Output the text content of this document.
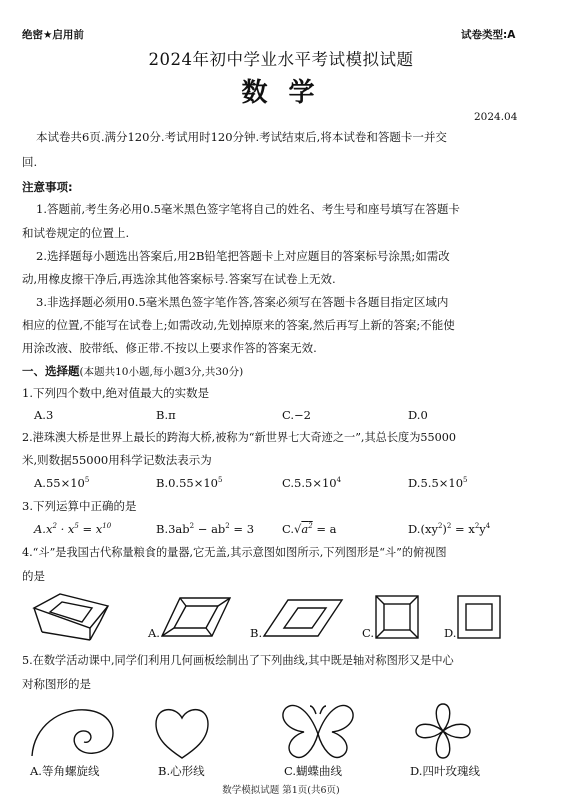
绝密★启用前	试卷类型:A
2024年初中学业水平考试模拟试题
数 学
2024.04
本试卷共6页.满分120分.考试用时120分钟.考试结束后,将本试卷和答题卡一并交
回.
注意事项:
1.答题前,考生务必用0.5毫米黑色签字笔将自己的姓名、考生号和座号填写在答题卡
和试卷规定的位置上.
2.选择题每小题选出答案后,用2B铅笔把答题卡上对应题目的答案标号涂黑;如需改
动,用橡皮擦干净后,再选涂其他答案标号.答案写在试卷上无效.
3.非选择题必须用0.5毫米黑色签字笔作答,答案必须写在答题卡各题目指定区域内
相应的位置,不能写在试卷上;如需改动,先划掉原来的答案,然后再写上新的答案;不能使
用涂改液、胶带纸、修正带.不按以上要求作答的答案无效.
一、选择题(本题共10小题,每小题3分,共30分)
1.下列四个数中,绝对值最大的实数是
A.3	B.π	C.−2	D.0
2.港珠澳大桥是世界上最长的跨海大桥,被称为“新世界七大奇迹之一”,其总长度为55000
米,则数据55000用科学记数法表示为
$A.55\times 10^5$	$B.0.55\times 10^5$	$C.5.5\times 10^4$	$D.5.5\times 10^5$
3.下列运算中正确的是
$A.x^2 \cdot x^5 = x^{10}$	$B.3ab^2 - ab^2 = 3$ $C.√a^2 = a$	$D.(xy^2)^2 = x^2y^4$
4.“斗”是我国古代称量粮食的量器,它无盖,其示意图如图所示,下列图形是“斗”的俯视图
的是
A.	B.	C.	D.
5.在数学活动课中,同学们利用几何画板绘制出了下列曲线,其中既是轴对称图形又是中心
对称图形的是
A.等角螺旋线	B.心形线	C.蝴蝶曲线	D.四叶玫瑰线
数学模拟试题 第1页(共6页)
